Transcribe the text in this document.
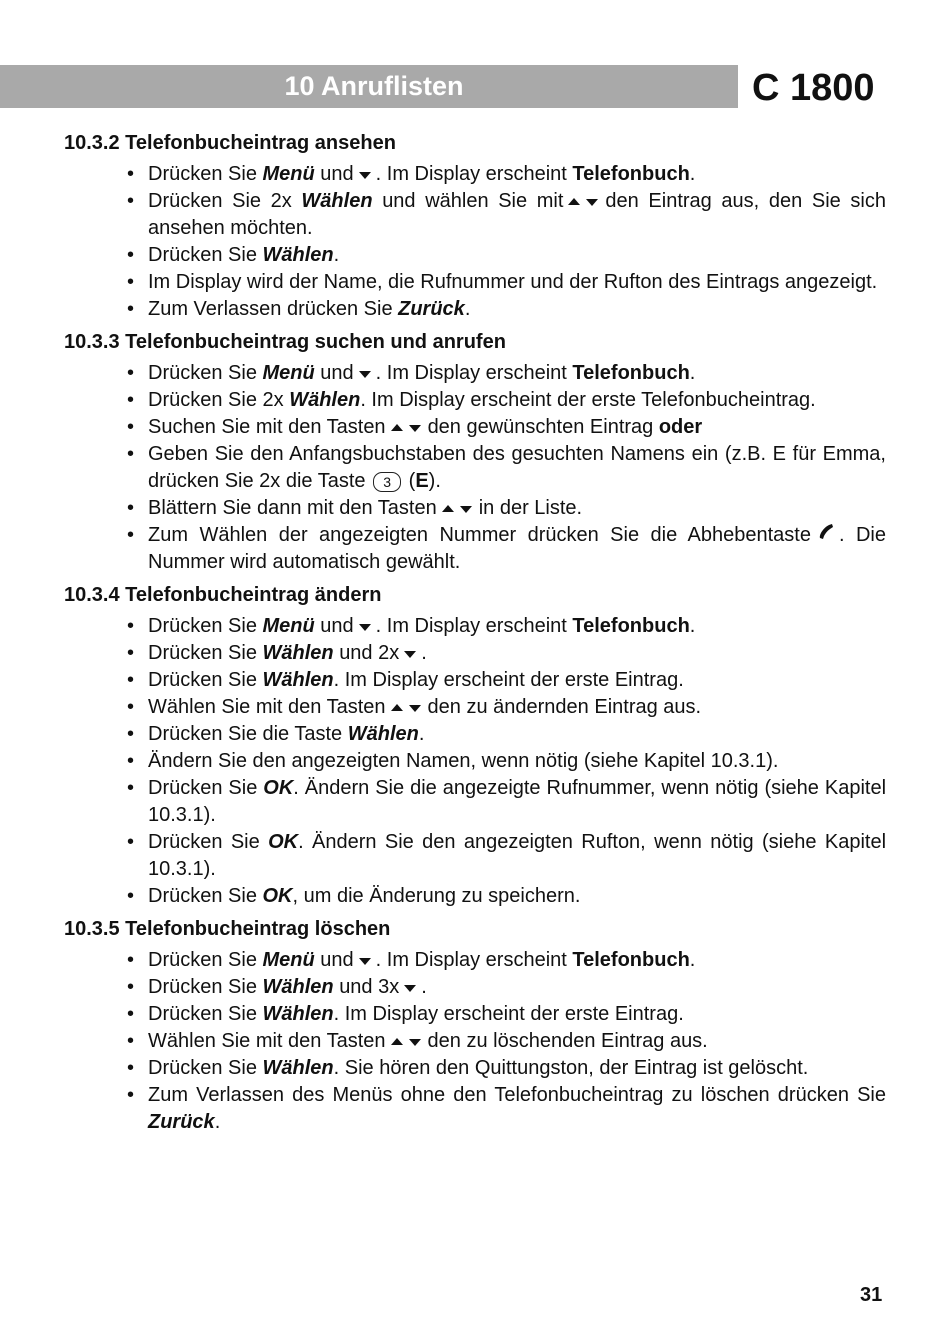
10 Anruflisten	C 1800
10.3.2 Telefonbucheintrag ansehen
• Drücken Sie Menü und . Im Display erscheint Telefonbuch.
• Drücken Sie 2x Wählen und wählen Sie mit den Eintrag aus, den Sie sich ansehen möchten.
• Drücken Sie Wählen.
• Im Display wird der Name, die Rufnummer und der Rufton des Eintrags angezeigt.
• Zum Verlassen drücken Sie Zurück.
10.3.3 Telefonbucheintrag suchen und anrufen
• Drücken Sie Menü und . Im Display erscheint Telefonbuch.
• Drücken Sie 2x Wählen. Im Display erscheint der erste Telefonbucheintrag.
• Suchen Sie mit den Tasten den gewünschten Eintrag oder
• Geben Sie den Anfangsbuchstaben des gesuchten Namens ein (z.B. E für Emma, drücken Sie 2x die Taste 3 (E).
• Blättern Sie dann mit den Tasten in der Liste.
• Zum Wählen der angezeigten Nummer drücken Sie die Abhebentaste . Die Nummer wird automatisch gewählt.
10.3.4 Telefonbucheintrag ändern
• Drücken Sie Menü und . Im Display erscheint Telefonbuch.
• Drücken Sie Wählen und 2x .
• Drücken Sie Wählen. Im Display erscheint der erste Eintrag.
• Wählen Sie mit den Tasten den zu ändernden Eintrag aus.
• Drücken Sie die Taste Wählen.
• Ändern Sie den angezeigten Namen, wenn nötig (siehe Kapitel 10.3.1).
• Drücken Sie OK. Ändern Sie die angezeigte Rufnummer, wenn nötig (siehe Kapitel 10.3.1).
• Drücken Sie OK. Ändern Sie den angezeigten Rufton, wenn nötig (siehe Kapitel 10.3.1).
• Drücken Sie OK, um die Änderung zu speichern.
10.3.5 Telefonbucheintrag löschen
• Drücken Sie Menü und . Im Display erscheint Telefonbuch.
• Drücken Sie Wählen und 3x .
• Drücken Sie Wählen. Im Display erscheint der erste Eintrag.
• Wählen Sie mit den Tasten den zu löschenden Eintrag aus.
• Drücken Sie Wählen. Sie hören den Quittungston, der Eintrag ist gelöscht.
• Zum Verlassen des Menüs ohne den Telefonbucheintrag zu löschen drücken Sie Zurück.
31
